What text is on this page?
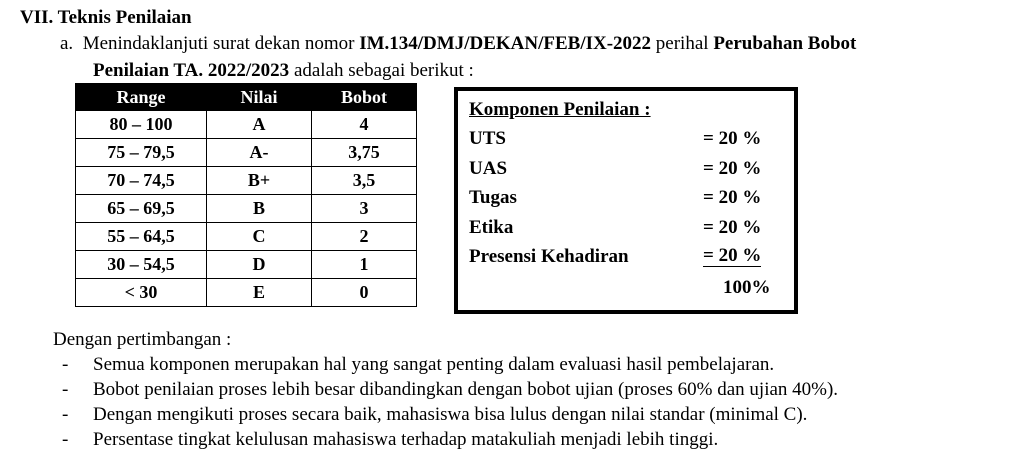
VII. Teknis Penilaian
a. Menindaklanjuti surat dekan nomor IM.134/DMJ/DEKAN/FEB/IX-2022 perihal Perubahan Bobot
Penilaian TA. 2022/2023 adalah sebagai berikut :
Range	Nilai	Bobot
80 – 100	A	4
75 – 79,5	A-	3,75
70 – 74,5	B+	3,5
65 – 69,5	B	3
55 – 64,5	C	2
30 – 54,5	D	1
< 30	E	0
Komponen Penilaian :
UTS	= 20 %
UAS	= 20 %
Tugas	= 20 %
Etika	= 20 %
Presensi Kehadiran	= 20 %
100%
Dengan pertimbangan :
- Semua komponen merupakan hal yang sangat penting dalam evaluasi hasil pembelajaran.
- Bobot penilaian proses lebih besar dibandingkan dengan bobot ujian (proses 60% dan ujian 40%).
- Dengan mengikuti proses secara baik, mahasiswa bisa lulus dengan nilai standar (minimal C).
- Persentase tingkat kelulusan mahasiswa terhadap matakuliah menjadi lebih tinggi.
